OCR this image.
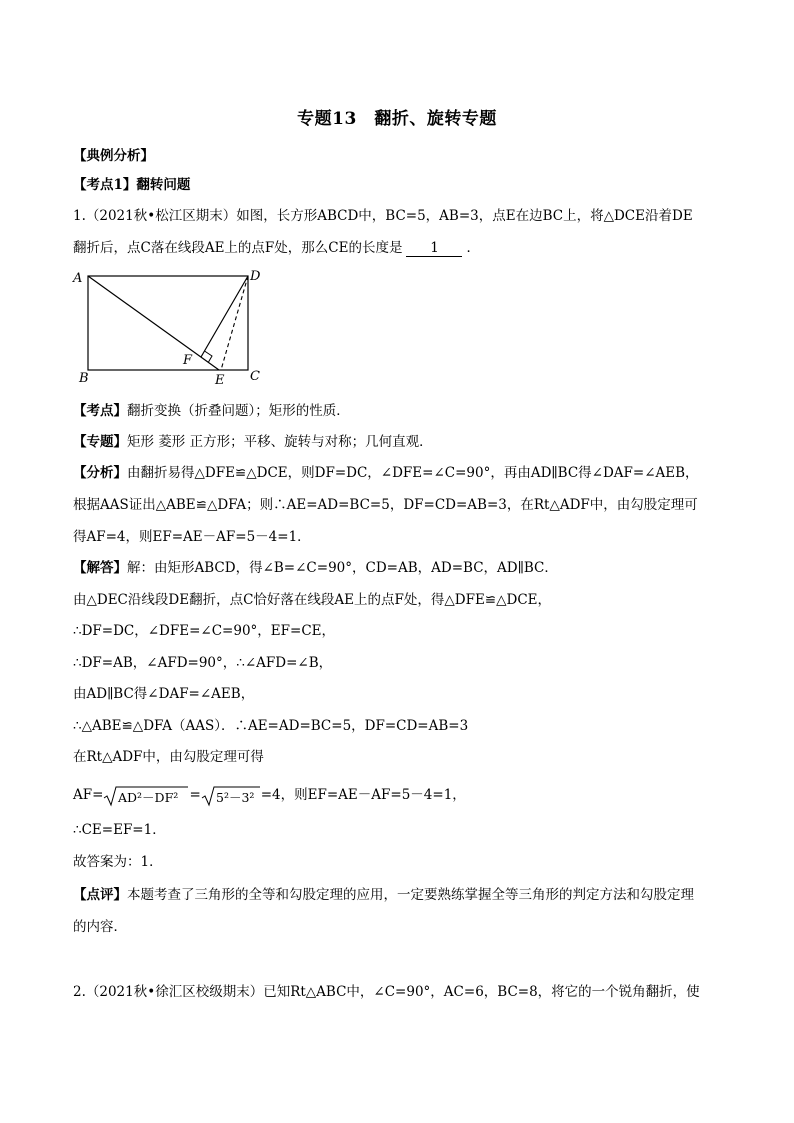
专题13　翻折、旋转专题
【典例分析】
【考点1】翻转问题
1.（2021秋•松江区期末）如图，长方形ABCD中，BC=5，AB=3，点E在边BC上，将△DCE沿着DE
翻折后，点C落在线段AE上的点F处，那么CE的长度是 1 ．
A	D
B	C
E
F
【考点】翻折变换（折叠问题）；矩形的性质．
【专题】矩形 菱形 正方形；平移、旋转与对称；几何直观．
【分析】由翻折易得△DFE≌△DCE，则DF=DC，∠DFE=∠C=90°，再由AD∥BC得∠DAF=∠AEB，
根据AAS证出△ABE≌△DFA；则∴AE=AD=BC=5，DF=CD=AB=3，在Rt△ADF中，由勾股定理可
得AF=4，则EF=AE－AF=5－4=1．
【解答】解：由矩形ABCD，得∠B=∠C=90°，CD=AB，AD=BC，AD∥BC．
由△DEC沿线段DE翻折，点C恰好落在线段AE上的点F处，得△DFE≌△DCE，
∴DF=DC，∠DFE=∠C=90°，EF=CE，
∴DF=AB，∠AFD=90°，∴∠AFD=∠B，
由AD∥BC得∠DAF=∠AEB，
∴△ABE≌△DFA（AAS）．∴AE=AD=BC=5，DF=CD=AB=3
在Rt△ADF中，由勾股定理可得
AF= AD²－DF² = 5²－3² =4，则EF=AE－AF=5－4=1，
∴CE=EF=1．
故答案为：1．
【点评】本题考查了三角形的全等和勾股定理的应用，一定要熟练掌握全等三角形的判定方法和勾股定理
的内容．
2.（2021秋•徐汇区校级期末）已知Rt△ABC中，∠C=90°，AC=6，BC=8，将它的一个锐角翻折，使
